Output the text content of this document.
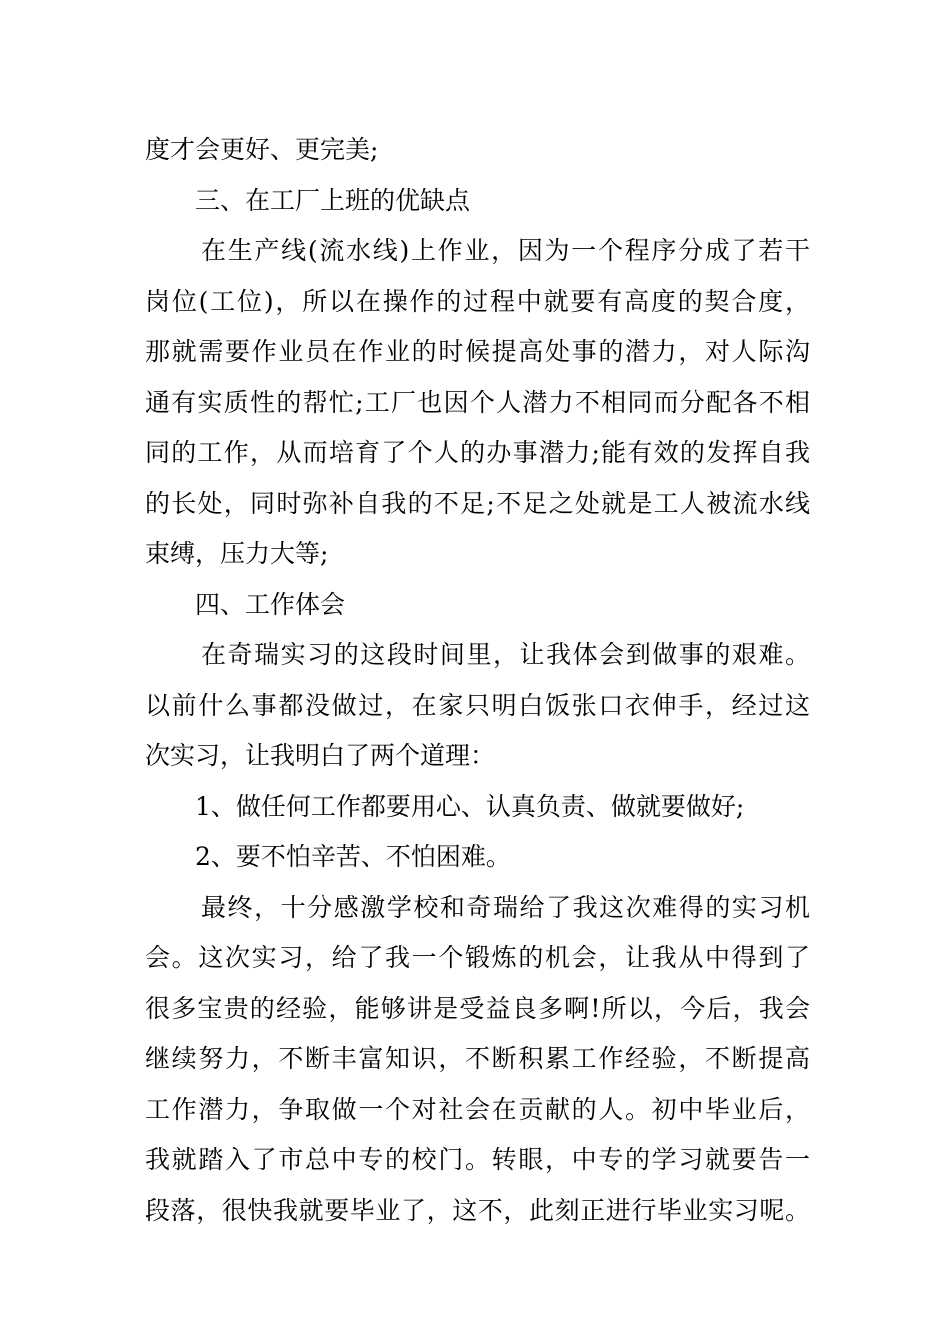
度才会更好、更完美;
三、在工厂上班的优缺点
在生产线(流水线)上作业，因为一个程序分成了若干
岗位(工位)，所以在操作的过程中就要有高度的契合度，
那就需要作业员在作业的时候提高处事的潜力，对人际沟
通有实质性的帮忙;工厂也因个人潜力不相同而分配各不相
同的工作，从而培育了个人的办事潜力;能有效的发挥自我
的长处，同时弥补自我的不足;不足之处就是工人被流水线
束缚，压力大等;
四、工作体会
在奇瑞实习的这段时间里，让我体会到做事的艰难。
以前什么事都没做过，在家只明白饭张口衣伸手，经过这
次实习，让我明白了两个道理：
1、做任何工作都要用心、认真负责、做就要做好;
2、要不怕辛苦、不怕困难。
最终，十分感激学校和奇瑞给了我这次难得的实习机
会。这次实习，给了我一个锻炼的机会，让我从中得到了
很多宝贵的经验，能够讲是受益良多啊!所以，今后，我会
继续努力，不断丰富知识，不断积累工作经验，不断提高
工作潜力，争取做一个对社会在贡献的人。初中毕业后，
我就踏入了市总中专的校门。转眼，中专的学习就要告一
段落，很快我就要毕业了，这不，此刻正进行毕业实习呢。
